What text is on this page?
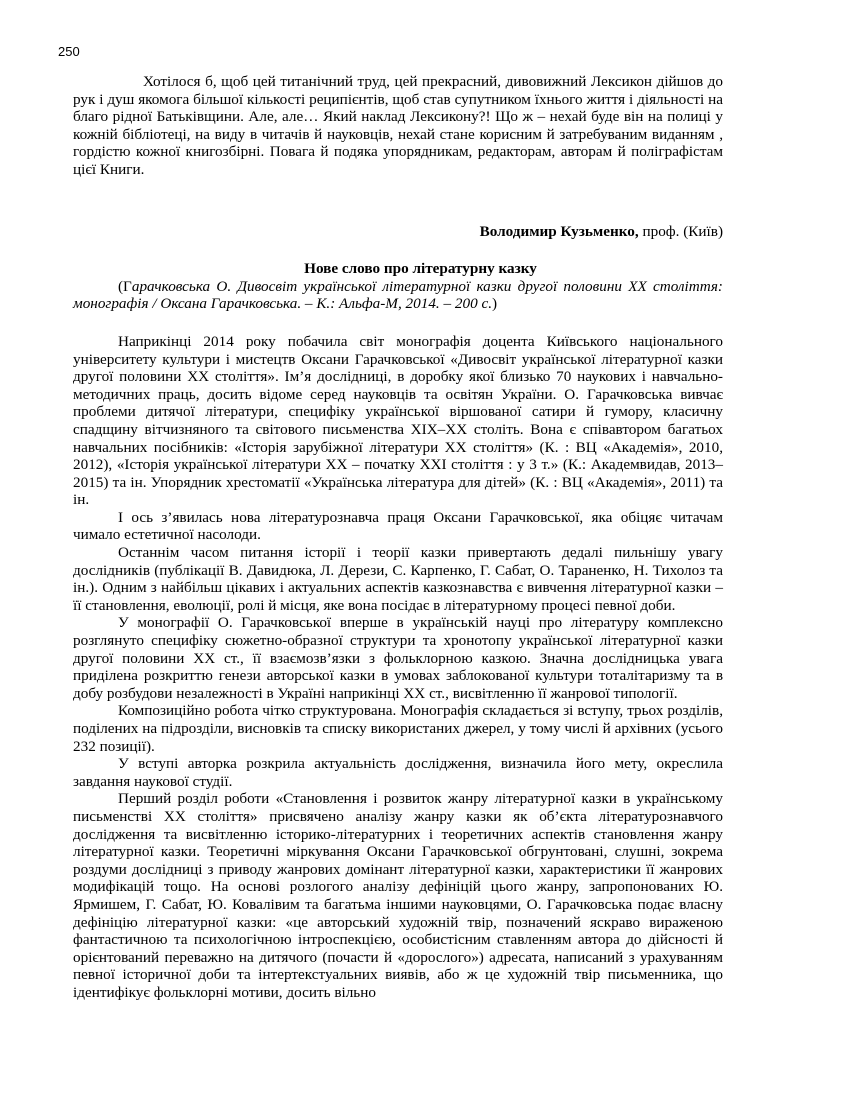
250

Хотілося б, щоб цей титанічний труд, цей прекрасний, дивовижний Лексикон дійшов до рук і душ якомога більшої кількості реципієнтів, щоб став супутником їхнього життя і діяльності на благо рідної Батьківщини. Але, але… Який наклад Лексикону?! Що ж – нехай буде він на полиці у кожній бібліотеці, на виду в читачів й науковців, нехай стане корисним й затребуваним виданням , гордістю кожної книгозбірні. Повага й подяка упорядникам, редакторам, авторам й поліграфістам цієї Книги.

Володимир Кузьменко, проф. (Київ)

Нове слово про літературну казку

(Гарачковська О. Дивосвіт української літературної казки другої половини ХХ століття: монографія / Оксана Гарачковська. – К.: Альфа-М, 2014. – 200 с.)

Наприкінці 2014 року побачила світ монографія доцента Київського національного університету культури і мистецтв Оксани Гарачковської «Дивосвіт української літературної казки другої половини ХХ століття». Ім’я дослідниці, в доробку якої близько 70 наукових і навчально-методичних праць, досить відоме серед науковців та освітян України. О. Гарачковська вивчає проблеми дитячої літератури, специфіку української віршованої сатири й гумору, класичну спадщину вітчизняного та світового письменства ХІХ–ХХ століть. Вона є співавтором багатьох навчальних посібників: «Історія зарубіжної літератури ХХ століття» (К. : ВЦ «Академія», 2010, 2012), «Історія української літератури ХХ – початку ХХІ століття : у 3 т.» (К.: Академвидав, 2013–2015) та ін. Упорядник хрестоматії «Українська література для дітей» (К. : ВЦ «Академія», 2011) та ін.

І ось з’явилась нова літературознавча праця Оксани Гарачковської, яка обіцяє читачам чимало естетичної насолоди.

Останнім часом питання історії і теорії казки привертають дедалі пильнішу увагу дослідників (публікації В. Давидюка, Л. Дерези, С. Карпенко, Г. Сабат, О. Тараненко, Н. Тихолоз та ін.). Одним з найбільш цікавих і актуальних аспектів казкознавства є вивчення літературної казки – її становлення, еволюції, ролі й місця, яке вона посідає в літературному процесі певної доби.

У монографії О. Гарачковської вперше в українській науці про літературу комплексно розглянуто специфіку сюжетно-образної структури та хронотопу української літературної казки другої половини ХХ ст., її взаємозв’язки з фольклорною казкою. Значна дослідницька увага приділена розкриттю генези авторської казки в умовах заблокованої культури тоталітаризму та в добу розбудови незалежності в Україні наприкінці ХХ ст., висвітленню її жанрової типології.

Композиційно робота чітко структурована. Монографія складається зі вступу, трьох розділів, поділених на підрозділи, висновків та списку використаних джерел, у тому числі й архівних (усього 232 позиції).

У вступі авторка розкрила актуальність дослідження, визначила його мету, окреслила завдання наукової студії.

Перший розділ роботи «Становлення і розвиток жанру літературної казки в українському письменстві ХХ століття» присвячено аналізу жанру казки як об’єкта літературознавчого дослідження та висвітленню історико-літературних і теоретичних аспектів становлення жанру літературної казки. Теоретичні міркування Оксани Гарачковської обгрунтовані, слушні, зокрема роздуми дослідниці з приводу жанрових домінант літературної казки, характеристики її жанрових модифікацій тощо. На основі розлогого аналізу дефініцій цього жанру, запропонованих Ю. Ярмишем, Г. Сабат, Ю. Ковалівим та багатьма іншими науковцями, О. Гарачковська подає власну дефініцію літературної казки: «це авторський художній твір, позначений яскраво вираженою фантастичною та психологічною інтроспекцією, особистісним ставленням автора до дійсності й орієнтований переважно на дитячого (почасти й «дорослого») адресата, написаний з урахуванням певної історичної доби та інтертекстуальних виявів, або ж це художній твір письменника, що ідентифікує фольклорні мотиви, досить вільно
